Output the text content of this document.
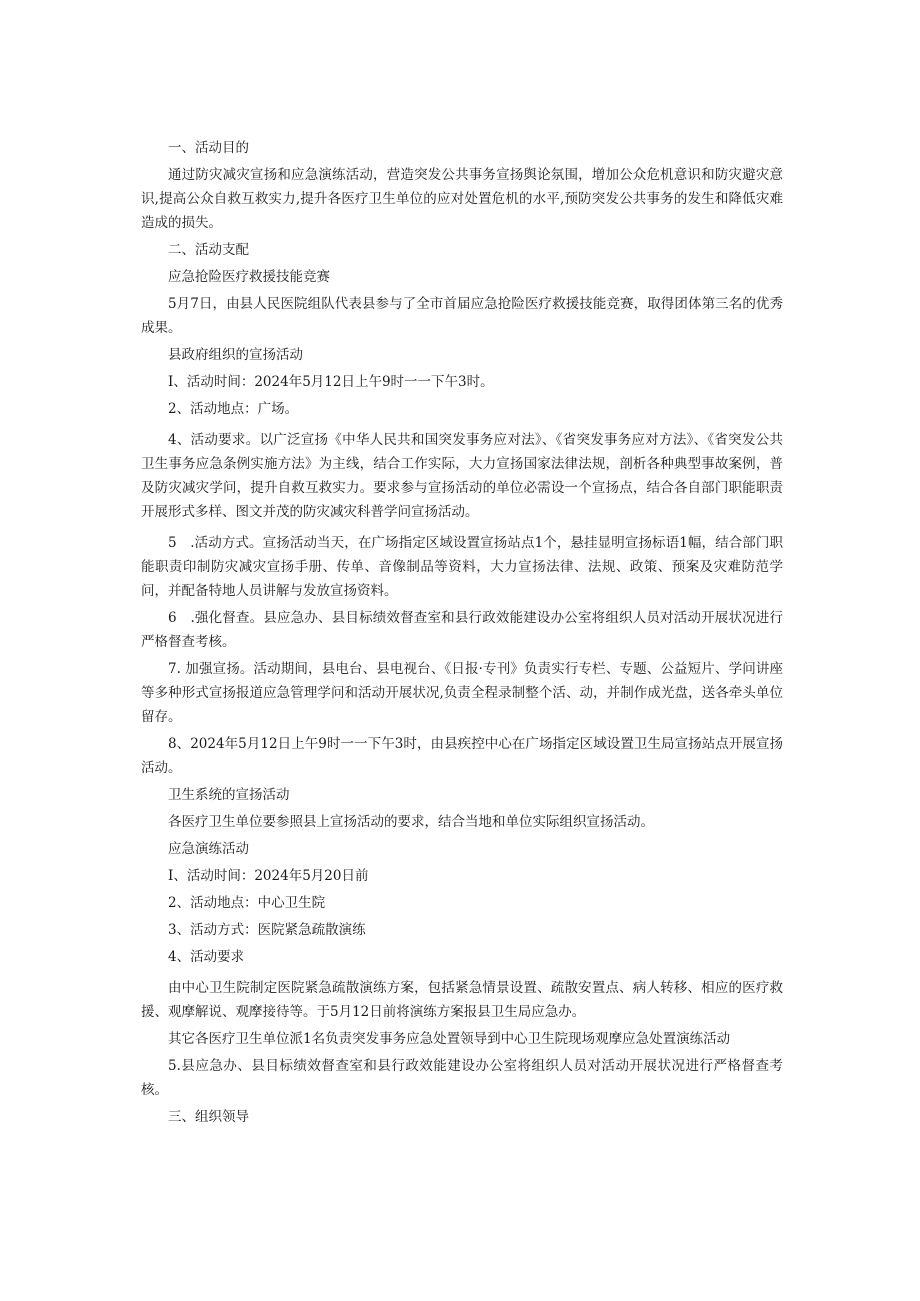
一、活动目的

通过防灾减灾宣扬和应急演练活动，营造突发公共事务宣扬舆论氛围，增加公众危机意识和防灾避灾意识,提高公众自救互救实力,提升各医疗卫生单位的应对处置危机的水平,预防突发公共事务的发生和降低灾难造成的损失。

二、活动支配

应急抢险医疗救援技能竞赛

5月7日，由县人民医院组队代表县参与了全市首届应急抢险医疗救援技能竞赛，取得团体第三名的优秀成果。

县政府组织的宣扬活动

I、活动时间：2024年5月12日上午9时一一下午3时。

2、活动地点：广场。

4、活动要求。以广泛宣扬《中华人民共和国突发事务应对法》、《省突发事务应对方法》、《省突发公共卫生事务应急条例实施方法》为主线，结合工作实际，大力宣扬国家法律法规，剖析各种典型事故案例，普及防灾减灾学问，提升自救互救实力。要求参与宣扬活动的单位必需设一个宣扬点，结合各自部门职能职责开展形式多样、图文并茂的防灾减灾科普学问宣扬活动。

5　.活动方式。宣扬活动当天，在广场指定区域设置宣扬站点1个，悬挂显明宣扬标语1幅，结合部门职能职责印制防灾减灾宣扬手册、传单、音像制品等资料，大力宣扬法律、法规、政策、预案及灾难防范学问，并配备特地人员讲解与发放宣扬资料。

6　.强化督查。县应急办、县目标绩效督查室和县行政效能建设办公室将组织人员对活动开展状况进行严格督查考核。

7. 加强宣扬。活动期间，县电台、县电视台、《日报·专刊》负责实行专栏、专题、公益短片、学问讲座等多种形式宣扬报道应急管理学问和活动开展状况,负责全程录制整个活、动，并制作成光盘，送各牵头单位留存。

8、2024年5月12日上午9时一一下午3时，由县疾控中心在广场指定区域设置卫生局宣扬站点开展宣扬活动。

卫生系统的宣扬活动

各医疗卫生单位要参照县上宣扬活动的要求，结合当地和单位实际组织宣扬活动。

应急演练活动

I、活动时间：2024年5月20日前

2、活动地点：中心卫生院

3、活动方式：医院紧急疏散演练

4、活动要求

由中心卫生院制定医院紧急疏散演练方案，包括紧急情景设置、疏散安置点、病人转移、相应的医疗救援、观摩解说、观摩接待等。于5月12日前将演练方案报县卫生局应急办。

其它各医疗卫生单位派1名负责突发事务应急处置领导到中心卫生院现场观摩应急处置演练活动

5.县应急办、县目标绩效督查室和县行政效能建设办公室将组织人员对活动开展状况进行严格督查考核。

三、组织领导
